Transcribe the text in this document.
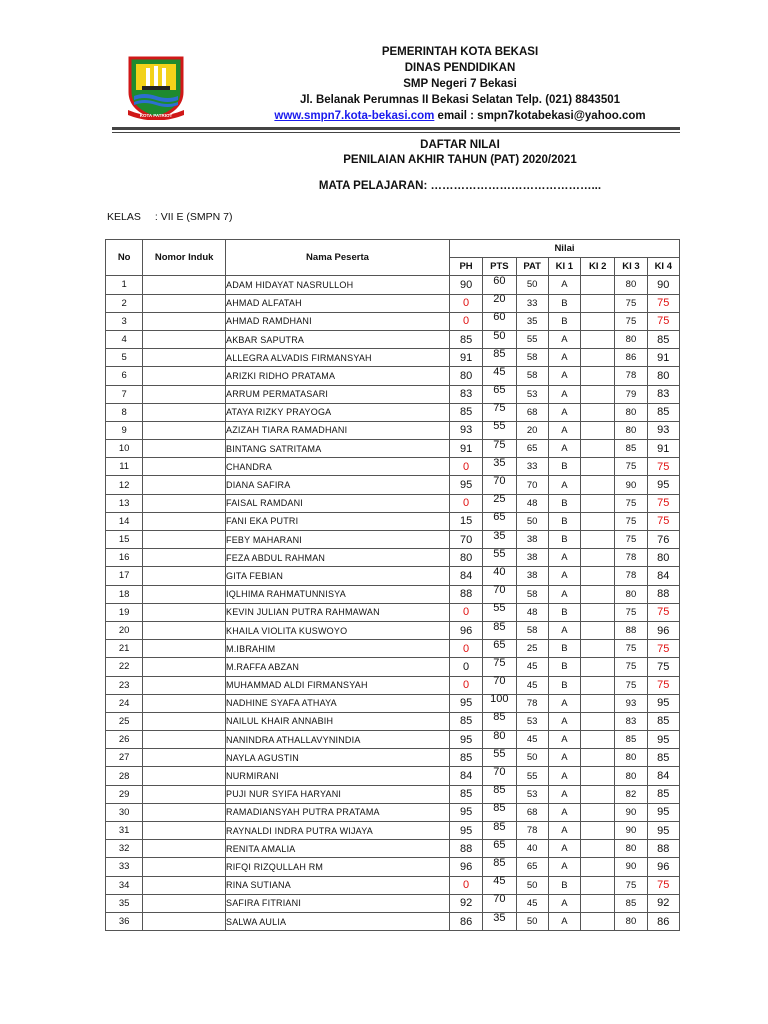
KOTA PATRIOT
PEMERINTAH KOTA BEKASI
DINAS PENDIDIKAN
SMP Negeri 7 Bekasi
Jl. Belanak Perumnas II Bekasi Selatan Telp. (021) 8843501
www.smpn7.kota-bekasi.com email : smpn7kotabekasi@yahoo.com
DAFTAR NILAI
PENILAIAN AKHIR TAHUN (PAT) 2020/2021
MATA PELAJARAN: ……………………………………...
KELAS : VII E (SMPN 7)
No	Nomor Induk	Nama Peserta	Nilai						
			PH	PTS	PAT	KI 1	KI 2	KI 3	KI 4
1		ADAM HIDAYAT NASRULLOH	90	60	50	A		80	90
2		AHMAD ALFATAH	0	20	33	B		75	75
3		AHMAD RAMDHANI	0	60	35	B		75	75
4		AKBAR SAPUTRA	85	50	55	A		80	85
5		ALLEGRA ALVADIS FIRMANSYAH	91	85	58	A		86	91
6		ARIZKI RIDHO PRATAMA	80	45	58	A		78	80
7		ARRUM PERMATASARI	83	65	53	A		79	83
8		ATAYA RIZKY PRAYOGA	85	75	68	A		80	85
9		AZIZAH TIARA RAMADHANI	93	55	20	A		80	93
10		BINTANG SATRITAMA	91	75	65	A		85	91
11		CHANDRA	0	35	33	B		75	75
12		DIANA SAFIRA	95	70	70	A		90	95
13		FAISAL RAMDANI	0	25	48	B		75	75
14		FANI EKA PUTRI	15	65	50	B		75	75
15		FEBY MAHARANI	70	35	38	B		75	76
16		FEZA ABDUL RAHMAN	80	55	38	A		78	80
17		GITA FEBIAN	84	40	38	A		78	84
18		IQLHIMA RAHMATUNNISYA	88	70	58	A		80	88
19		KEVIN JULIAN PUTRA RAHMAWAN	0	55	48	B		75	75
20		KHAILA VIOLITA KUSWOYO	96	85	58	A		88	96
21		M.IBRAHIM	0	65	25	B		75	75
22		M.RAFFA ABZAN	0	75	45	B		75	75
23		MUHAMMAD ALDI FIRMANSYAH	0	70	45	B		75	75
24		NADHINE SYAFA ATHAYA	95	100	78	A		93	95
25		NAILUL KHAIR ANNABIH	85	85	53	A		83	85
26		NANINDRA ATHALLAVYNINDIA	95	80	45	A		85	95
27		NAYLA AGUSTIN	85	55	50	A		80	85
28		NURMIRANI	84	70	55	A		80	84
29		PUJI NUR SYIFA HARYANI	85	85	53	A		82	85
30		RAMADIANSYAH PUTRA PRATAMA	95	85	68	A		90	95
31		RAYNALDI INDRA PUTRA WIJAYA	95	85	78	A		90	95
32		RENITA AMALIA	88	65	40	A		80	88
33		RIFQI RIZQULLAH RM	96	85	65	A		90	96
34		RINA SUTIANA	0	45	50	B		75	75
35		SAFIRA FITRIANI	92	70	45	A		85	92
36		SALWA AULIA	86	35	50	A		80	86
